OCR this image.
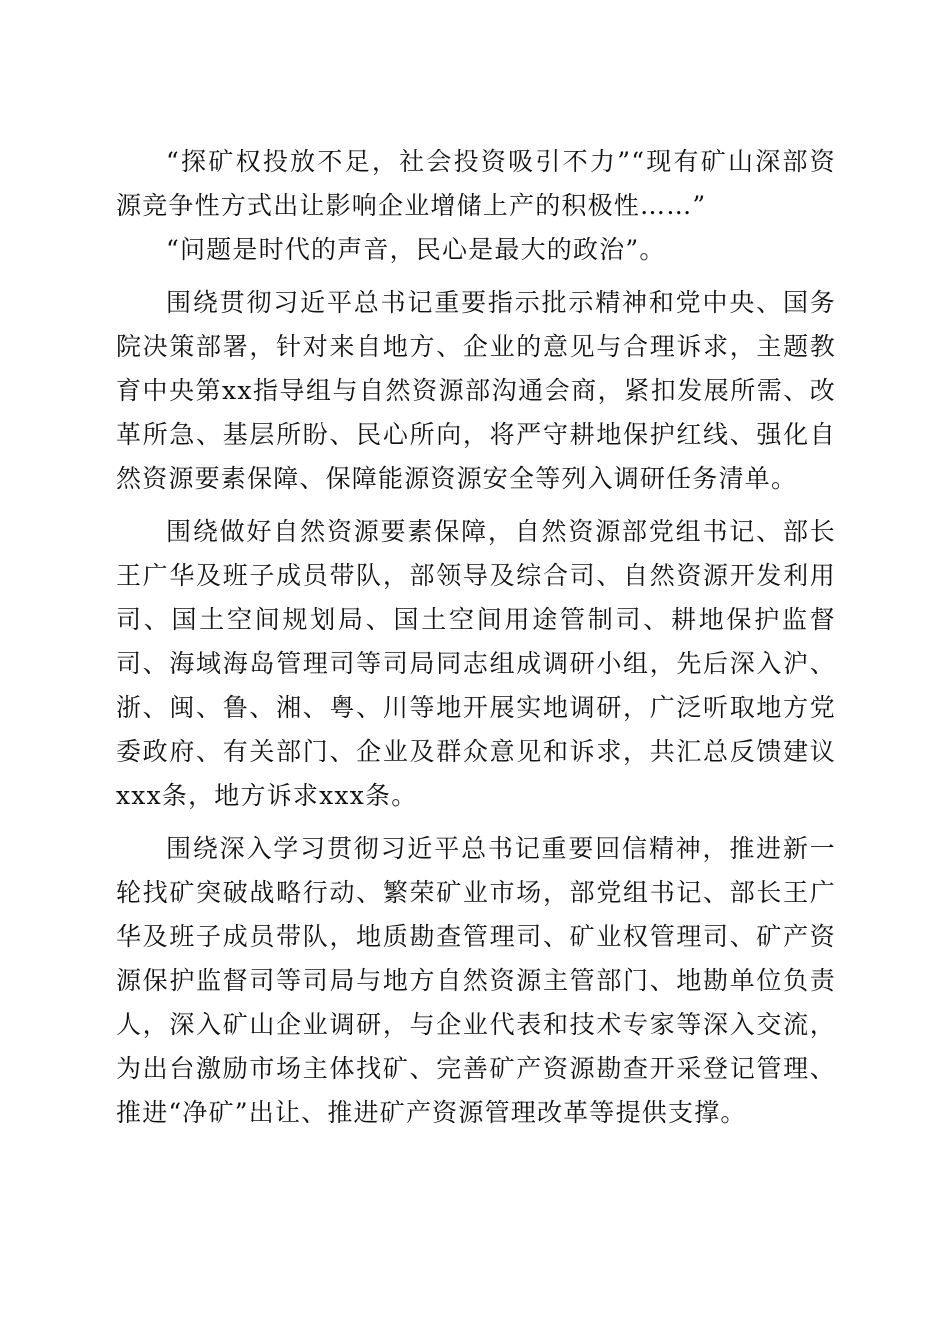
“探矿权投放不足，社会投资吸引不力”“现有矿山深部资源竞争性方式出让影响企业增储上产的积极性……”

“问题是时代的声音，民心是最大的政治”。

围绕贯彻习近平总书记重要指示批示精神和党中央、国务院决策部署，针对来自地方、企业的意见与合理诉求，主题教育中央第xx指导组与自然资源部沟通会商，紧扣发展所需、改革所急、基层所盼、民心所向，将严守耕地保护红线、强化自然资源要素保障、保障能源资源安全等列入调研任务清单。

围绕做好自然资源要素保障，自然资源部党组书记、部长王广华及班子成员带队，部领导及综合司、自然资源开发利用司、国土空间规划局、国土空间用途管制司、耕地保护监督司、海域海岛管理司等司局同志组成调研小组，先后深入沪、浙、闽、鲁、湘、粤、川等地开展实地调研，广泛听取地方党委政府、有关部门、企业及群众意见和诉求，共汇总反馈建议xxx条，地方诉求xxx条。

围绕深入学习贯彻习近平总书记重要回信精神，推进新一轮找矿突破战略行动、繁荣矿业市场，部党组书记、部长王广华及班子成员带队，地质勘查管理司、矿业权管理司、矿产资源保护监督司等司局与地方自然资源主管部门、地勘单位负责人，深入矿山企业调研，与企业代表和技术专家等深入交流，为出台激励市场主体找矿、完善矿产资源勘查开采登记管理、推进“净矿”出让、推进矿产资源管理改革等提供支撑。
